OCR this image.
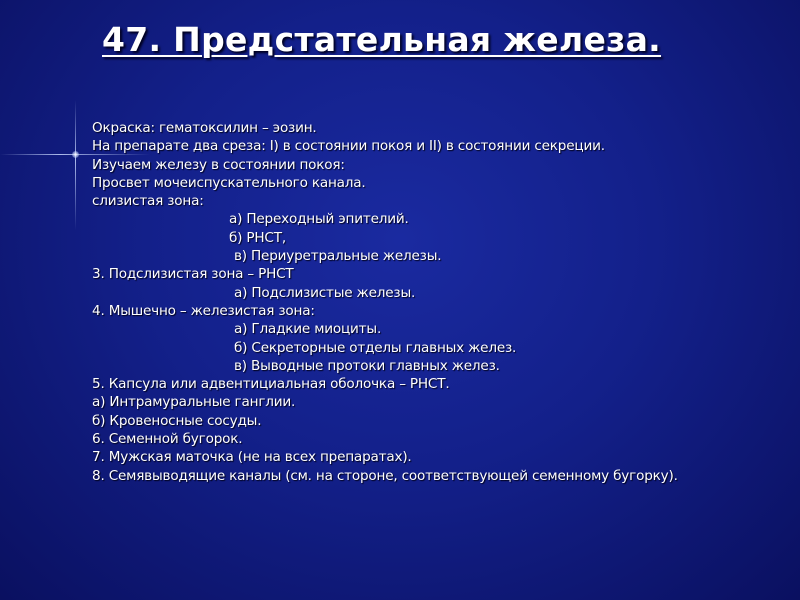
47. Предстательная железа.
Окраска: гематоксилин – эозин.
На препарате два среза: I) в состоянии покоя и II) в состоянии секреции.
Изучаем железу в состоянии покоя:
Просвет мочеиспускательного канала.
слизистая зона:
а) Переходный эпителий.
б) РНСТ,
в) Периуретральные железы.
3. Подслизистая зона – РНСТ
а) Подслизистые железы.
4. Мышечно – железистая зона:
а) Гладкие миоциты.
б) Секреторные отделы главных желез.
в) Выводные протоки главных желез.
5. Капсула или адвентициальная оболочка – РНСТ.
а) Интрамуральные ганглии.
б) Кровеносные сосуды.
6. Семенной бугорок.
7. Мужская маточка (не на всех препаратах).
8. Семявыводящие каналы (см. на стороне, соответствующей семенному бугорку).
